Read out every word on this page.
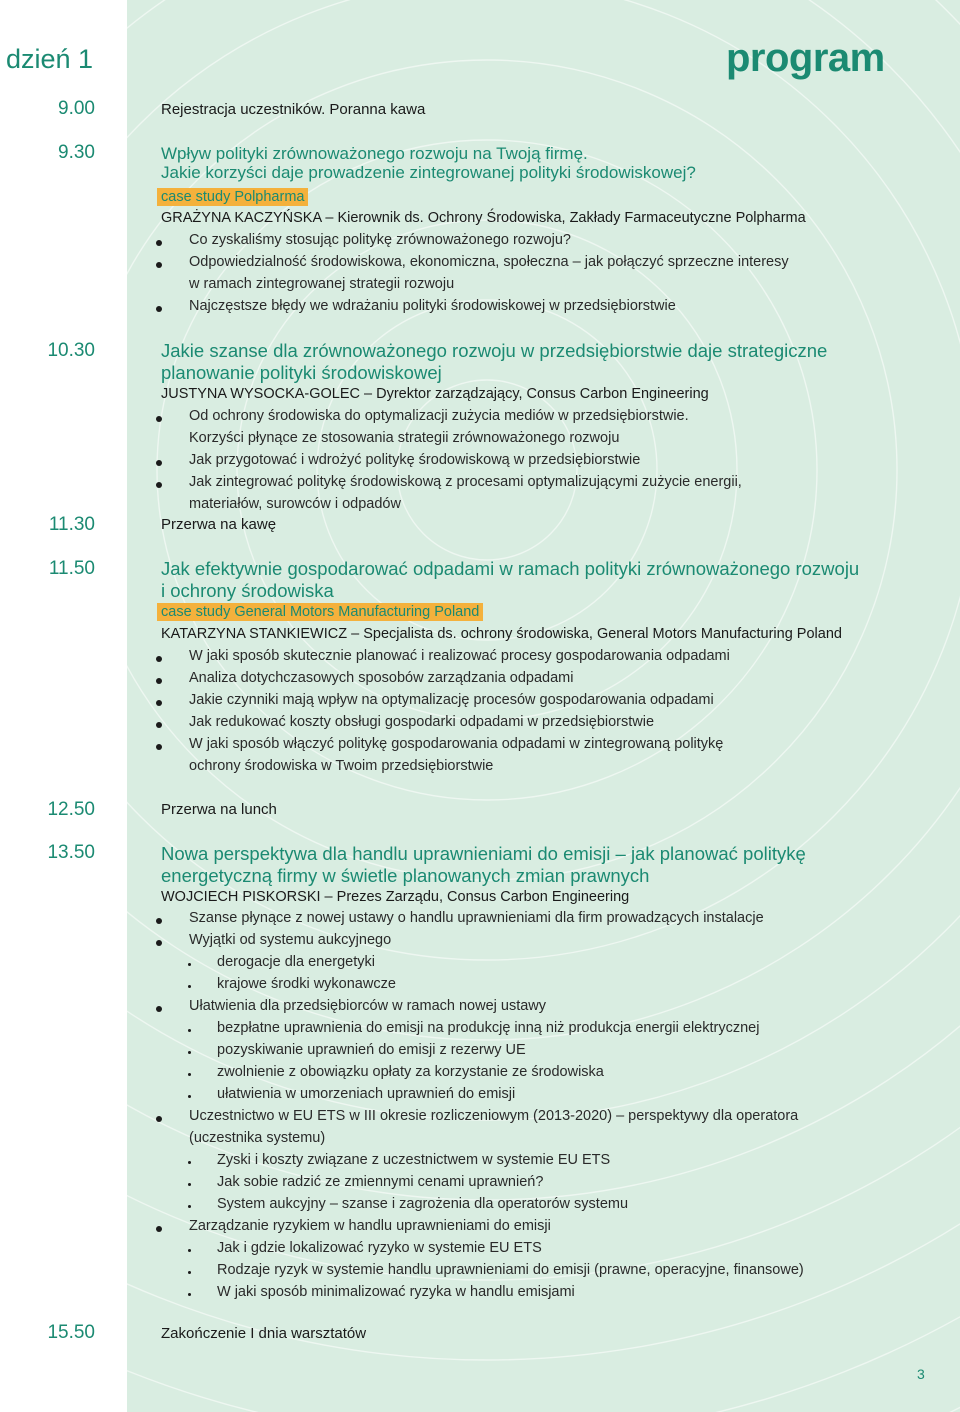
dzień 1	program
9.00	Rejestracja uczestników. Poranna kawa
9.30	Wpływ polityki zrównoważonego rozwoju na Twoją firmę.
Jakie korzyści daje prowadzenie zintegrowanej polityki środowiskowej?
case study Polpharma
GRAŻYNA KACZYŃSKA – Kierownik ds. Ochrony Środowiska, Zakłady Farmaceutyczne Polpharma
Co zyskaliśmy stosując politykę zrównoważonego rozwoju?
Odpowiedzialność środowiskowa, ekonomiczna, społeczna – jak połączyć sprzeczne interesy
w ramach zintegrowanej strategii rozwoju
Najczęstsze błędy we wdrażaniu polityki środowiskowej w przedsiębiorstwie
10.30	Jakie szanse dla zrównoważonego rozwoju w przedsiębiorstwie daje strategiczne
planowanie polityki środowiskowej
JUSTYNA WYSOCKA-GOLEC – Dyrektor zarządzający, Consus Carbon Engineering
Od ochrony środowiska do optymalizacji zużycia mediów w przedsiębiorstwie.
Korzyści płynące ze stosowania strategii zrównoważonego rozwoju
Jak przygotować i wdrożyć politykę środowiskową w przedsiębiorstwie
Jak zintegrować politykę środowiskową z procesami optymalizującymi zużycie energii,
materiałów, surowców i odpadów
11.30	Przerwa na kawę
11.50	Jak efektywnie gospodarować odpadami w ramach polityki zrównoważonego rozwoju
i ochrony środowiska
case study General Motors Manufacturing Poland
KATARZYNA STANKIEWICZ – Specjalista ds. ochrony środowiska, General Motors Manufacturing Poland
W jaki sposób skutecznie planować i realizować procesy gospodarowania odpadami
Analiza dotychczasowych sposobów zarządzania odpadami
Jakie czynniki mają wpływ na optymalizację procesów gospodarowania odpadami
Jak redukować koszty obsługi gospodarki odpadami w przedsiębiorstwie
W jaki sposób włączyć politykę gospodarowania odpadami w zintegrowaną politykę
ochrony środowiska w Twoim przedsiębiorstwie
12.50	Przerwa na lunch
13.50	Nowa perspektywa dla handlu uprawnieniami do emisji – jak planować politykę
energetyczną firmy w świetle planowanych zmian prawnych
WOJCIECH PISKORSKI – Prezes Zarządu, Consus Carbon Engineering
Szanse płynące z nowej ustawy o handlu uprawnieniami dla firm prowadzących instalacje
Wyjątki od systemu aukcyjnego
derogacje dla energetyki
krajowe środki wykonawcze
Ułatwienia dla przedsiębiorców w ramach nowej ustawy
bezpłatne uprawnienia do emisji na produkcję inną niż produkcja energii elektrycznej
pozyskiwanie uprawnień do emisji z rezerwy UE
zwolnienie z obowiązku opłaty za korzystanie ze środowiska
ułatwienia w umorzeniach uprawnień do emisji
Uczestnictwo w EU ETS w III okresie rozliczeniowym (2013-2020) – perspektywy dla operatora
(uczestnika systemu)
Zyski i koszty związane z uczestnictwem w systemie EU ETS
Jak sobie radzić ze zmiennymi cenami uprawnień?
System aukcyjny – szanse i zagrożenia dla operatorów systemu
Zarządzanie ryzykiem w handlu uprawnieniami do emisji
Jak i gdzie lokalizować ryzyko w systemie EU ETS
Rodzaje ryzyk w systemie handlu uprawnieniami do emisji (prawne, operacyjne, finansowe)
W jaki sposób minimalizować ryzyka w handlu emisjami
15.50	Zakończenie I dnia warsztatów
3
